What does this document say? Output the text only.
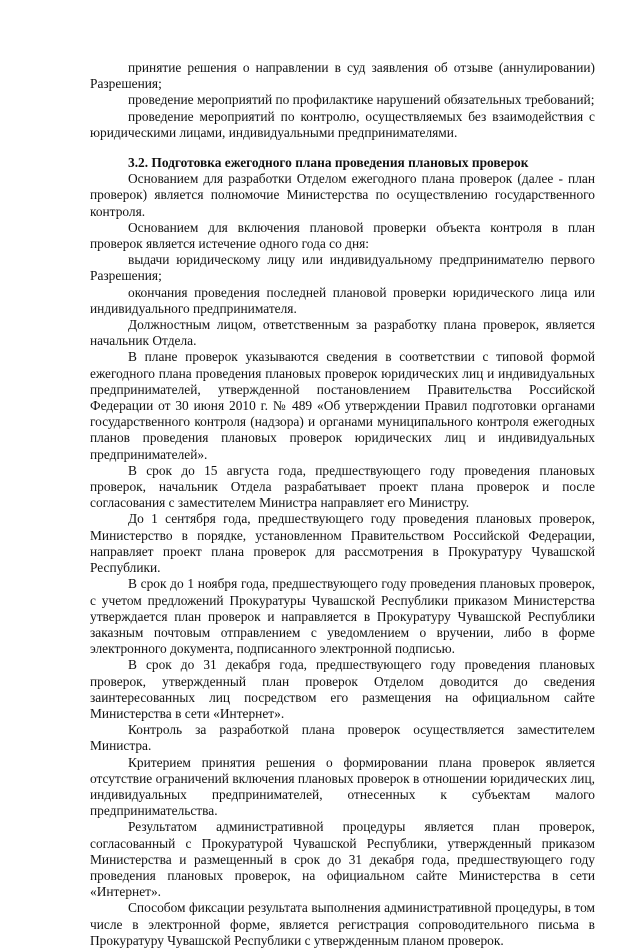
принятие решения о направлении в суд заявления об отзыве (аннулировании) Разрешения;

проведение мероприятий по профилактике нарушений обязательных требований;

проведение мероприятий по контролю, осуществляемых без взаимодействия с юридическими лицами, индивидуальными предпринимателями.

3.2. Подготовка ежегодного плана проведения плановых проверок

Основанием для разработки Отделом ежегодного плана проверок (далее - план проверок) является полномочие Министерства по осуществлению государственного контроля.

Основанием для включения плановой проверки объекта контроля в план проверок является истечение одного года со дня:

выдачи юридическому лицу или индивидуальному предпринимателю первого Разрешения;

окончания проведения последней плановой проверки юридического лица или индивидуального предпринимателя.

Должностным лицом, ответственным за разработку плана проверок, является начальник Отдела.

В плане проверок указываются сведения в соответствии с типовой формой ежегодного плана проведения плановых проверок юридических лиц и индивидуальных предпринимателей, утвержденной постановлением Правительства Российской Федерации от 30 июня 2010 г. № 489 «Об утверждении Правил подготовки органами государственного контроля (надзора) и органами муниципального контроля ежегодных планов проведения плановых проверок юридических лиц и индивидуальных предпринимателей».

В срок до 15 августа года, предшествующего году проведения плановых проверок, начальник Отдела разрабатывает проект плана проверок и после согласования с заместителем Министра направляет его Министру.

До 1 сентября года, предшествующего году проведения плановых проверок, Министерство в порядке, установленном Правительством Российской Федерации, направляет проект плана проверок для рассмотрения в Прокуратуру Чувашской Республики.

В срок до 1 ноября года, предшествующего году проведения плановых проверок, с учетом предложений Прокуратуры Чувашской Республики приказом Министерства утверждается план проверок и направляется в Прокуратуру Чувашской Республики заказным почтовым отправлением с уведомлением о вручении, либо в форме электронного документа, подписанного электронной подписью.

В срок до 31 декабря года, предшествующего году проведения плановых проверок, утвержденный план проверок Отделом доводится до сведения заинтересованных лиц посредством его размещения на официальном сайте Министерства в сети «Интернет».

Контроль за разработкой плана проверок осуществляется заместителем Министра.

Критерием принятия решения о формировании плана проверок является отсутствие ограничений включения плановых проверок в отношении юридических лиц, индивидуальных предпринимателей, отнесенных к субъектам малого предпринимательства.

Результатом административной процедуры является план проверок, согласованный с Прокуратурой Чувашской Республики, утвержденный приказом Министерства и размещенный в срок до 31 декабря года, предшествующего году проведения плановых проверок, на официальном сайте Министерства в сети «Интернет».

Способом фиксации результата выполнения административной процедуры, в том числе в электронной форме, является регистрация сопроводительного письма в Прокуратуру Чувашской Республики с утвержденным планом проверок.
